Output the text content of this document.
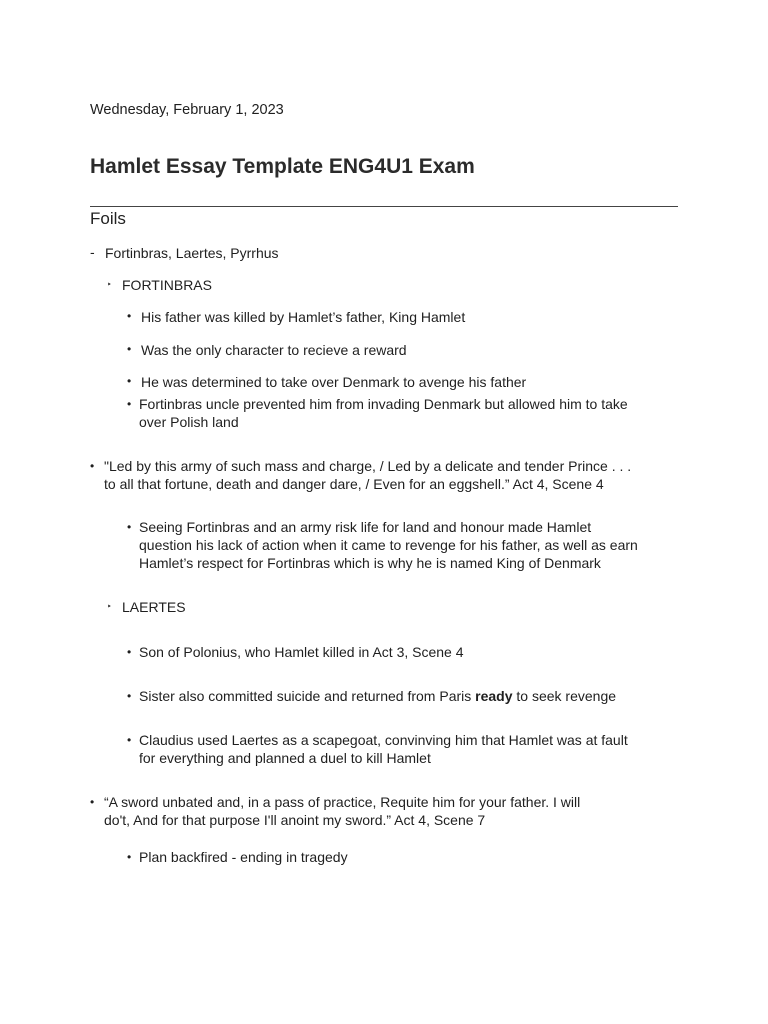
Wednesday, February 1, 2023
Hamlet Essay Template ENG4U1 Exam
Foils
- Fortinbras, Laertes, Pyrrhus
‣ FORTINBRAS
• His father was killed by Hamlet’s father, King Hamlet
• Was the only character to recieve a reward
• He was determined to take over Denmark to avenge his father
• Fortinbras uncle prevented him from invading Denmark but allowed him to take
over Polish land
• "Led by this army of such mass and charge, / Led by a delicate and tender Prince . . .
to all that fortune, death and danger dare, / Even for an eggshell.” Act 4, Scene 4
• Seeing Fortinbras and an army risk life for land and honour made Hamlet
question his lack of action when it came to revenge for his father, as well as earn
Hamlet’s respect for Fortinbras which is why he is named King of Denmark
‣ LAERTES
• Son of Polonius, who Hamlet killed in Act 3, Scene 4
• Sister also committed suicide and returned from Paris ready to seek revenge
• Claudius used Laertes as a scapegoat, convinving him that Hamlet was at fault
for everything and planned a duel to kill Hamlet
• “A sword unbated and, in a pass of practice, Requite him for your father. I will
do't, And for that purpose I'll anoint my sword.” Act 4, Scene 7
• Plan backfired - ending in tragedy
